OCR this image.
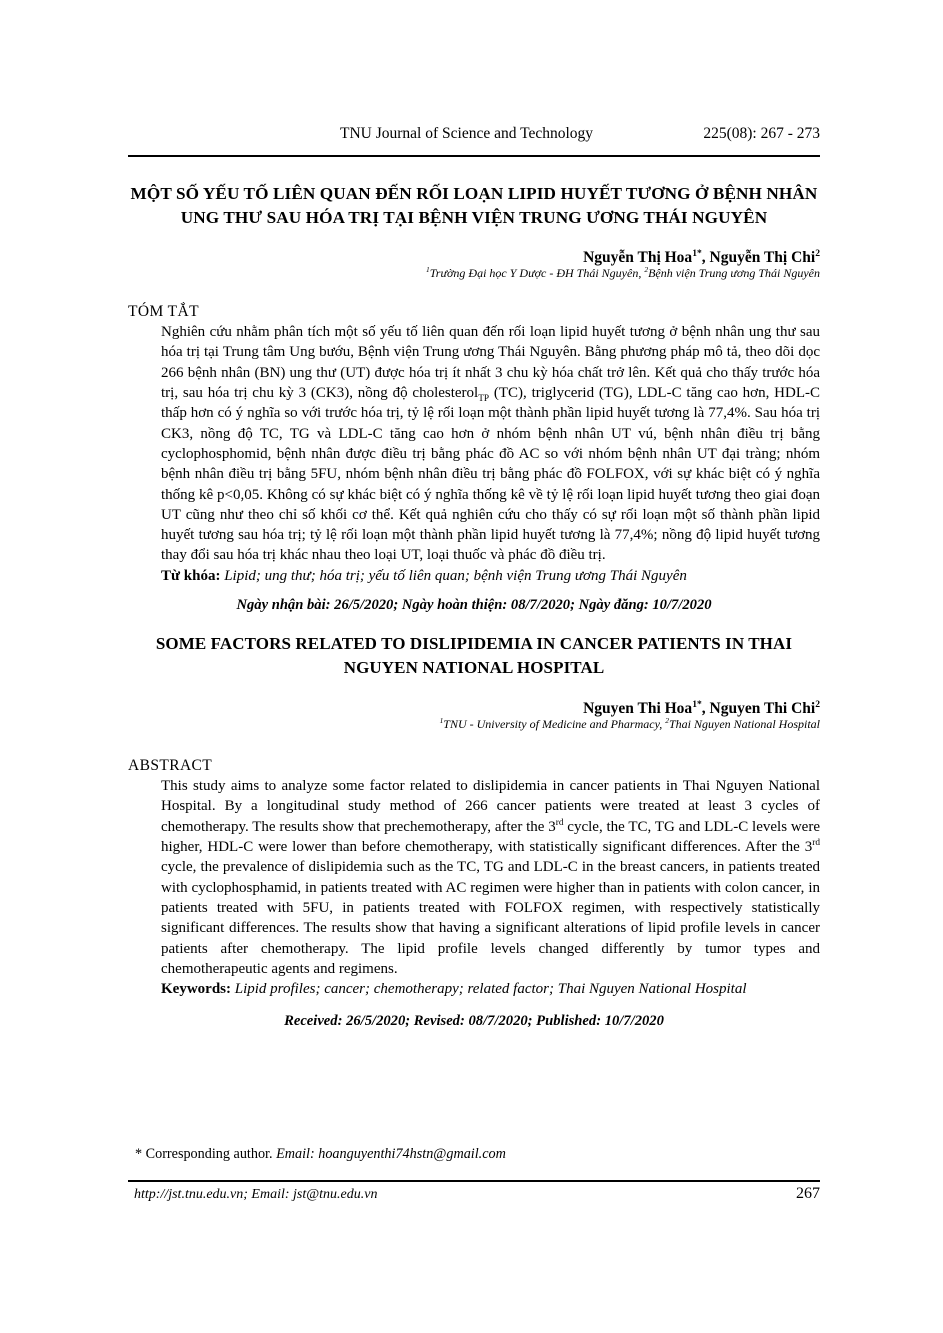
TNU Journal of Science and Technology	225(08): 267 - 273
MỘT SỐ YẾU TỐ LIÊN QUAN ĐẾN RỐI LOẠN LIPID HUYẾT TƯƠNG Ở BỆNH NHÂN UNG THƯ SAU HÓA TRỊ TẠI BỆNH VIỆN TRUNG ƯƠNG THÁI NGUYÊN
Nguyễn Thị Hoa$^{1*}$, Nguyễn Thị Chi$^2$
$^1$Trường Đại học Y Dược - ĐH Thái Nguyên, $^2$Bệnh viện Trung ương Thái Nguyên
TÓM TẮT

Nghiên cứu nhằm phân tích một số yếu tố liên quan đến rối loạn lipid huyết tương ở bệnh nhân ung thư sau hóa trị tại Trung tâm Ung bướu, Bệnh viện Trung ương Thái Nguyên. Bằng phương pháp mô tả, theo dõi dọc 266 bệnh nhân (BN) ung thư (UT) được hóa trị ít nhất 3 chu kỳ hóa chất trở lên. Kết quả cho thấy trước hóa trị, sau hóa trị chu kỳ 3 (CK3), nồng độ cholesterol$_{TP}$ (TC), triglycerid (TG), LDL-C tăng cao hơn, HDL-C thấp hơn có ý nghĩa so với trước hóa trị, tỷ lệ rối loạn một thành phần lipid huyết tương là 77,4%. Sau hóa trị CK3, nồng độ TC, TG và LDL-C tăng cao hơn ở nhóm bệnh nhân UT vú, bệnh nhân điều trị bằng cyclophosphomid, bệnh nhân được điều trị bằng phác đồ AC so với nhóm bệnh nhân UT đại tràng; nhóm bệnh nhân điều trị bằng 5FU, nhóm bệnh nhân điều trị bằng phác đồ FOLFOX, với sự khác biệt có ý nghĩa thống kê p<0,05. Không có sự khác biệt có ý nghĩa thống kê về tỷ lệ rối loạn lipid huyết tương theo giai đoạn UT cũng như theo chỉ số khối cơ thể. Kết quả nghiên cứu cho thấy có sự rối loạn một số thành phần lipid huyết tương sau hóa trị; tỷ lệ rối loạn một thành phần lipid huyết tương là 77,4%; nồng độ lipid huyết tương thay đổi sau hóa trị khác nhau theo loại UT, loại thuốc và phác đồ điều trị.

Từ khóa: Lipid; ung thư; hóa trị; yếu tố liên quan; bệnh viện Trung ương Thái Nguyên

Ngày nhận bài: 26/5/2020; Ngày hoàn thiện: 08/7/2020; Ngày đăng: 10/7/2020
SOME FACTORS RELATED TO DISLIPIDEMIA IN CANCER PATIENTS IN THAI NGUYEN NATIONAL HOSPITAL
Nguyen Thi Hoa$^{1*}$, Nguyen Thi Chi$^2$
$^1$TNU - University of Medicine and Pharmacy, $^2$Thai Nguyen National Hospital
ABSTRACT

This study aims to analyze some factor related to dislipidemia in cancer patients in Thai Nguyen National Hospital. By a longitudinal study method of 266 cancer patients were treated at least 3 cycles of chemotherapy. The results show that prechemotherapy, after the 3rd cycle, the TC, TG and LDL-C levels were higher, HDL-C were lower than before chemotherapy, with statistically significant differences. After the 3rd cycle, the prevalence of dislipidemia such as the TC, TG and LDL-C in the breast cancers, in patients treated with cyclophosphamid, in patients treated with AC regimen were higher than in patients with colon cancer, in patients treated with 5FU, in patients treated with FOLFOX regimen, with respectively statistically significant differences. The results show that having a significant alterations of lipid profile levels in cancer patients after chemotherapy. The lipid profile levels changed differently by tumor types and chemotherapeutic agents and regimens.

Keywords: Lipid profiles; cancer; chemotherapy; related factor; Thai Nguyen National Hospital

Received: 26/5/2020; Revised: 08/7/2020; Published: 10/7/2020
* Corresponding author. Email: hoanguyenthi74hstn@gmail.com
http://jst.tnu.edu.vn; Email: jst@tnu.edu.vn	267
